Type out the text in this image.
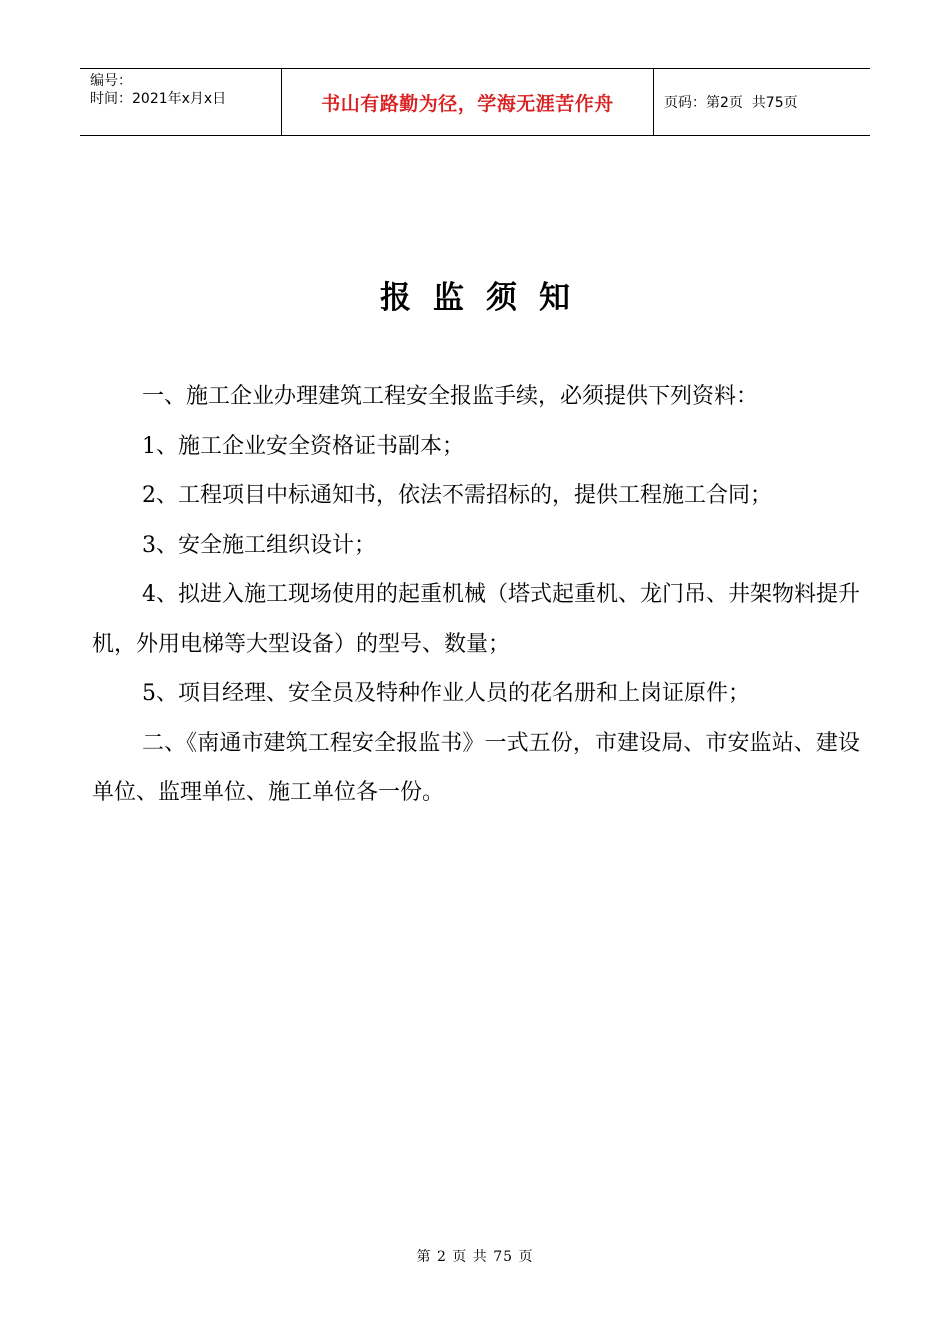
编号：
时间：2021年x月x日	书山有路勤为径，学海无涯苦作舟	页码：第2页  共75页
报监须知

一、施工企业办理建筑工程安全报监手续，必须提供下列资料：

1、施工企业安全资格证书副本；

2、工程项目中标通知书，依法不需招标的，提供工程施工合同；

3、安全施工组织设计；

4、拟进入施工现场使用的起重机械（塔式起重机、龙门吊、井架物料提升机，外用电梯等大型设备）的型号、数量；

5、项目经理、安全员及特种作业人员的花名册和上岗证原件；

二、《南通市建筑工程安全报监书》一式五份，市建设局、市安监站、建设单位、监理单位、施工单位各一份。

第 2 页 共 75 页
